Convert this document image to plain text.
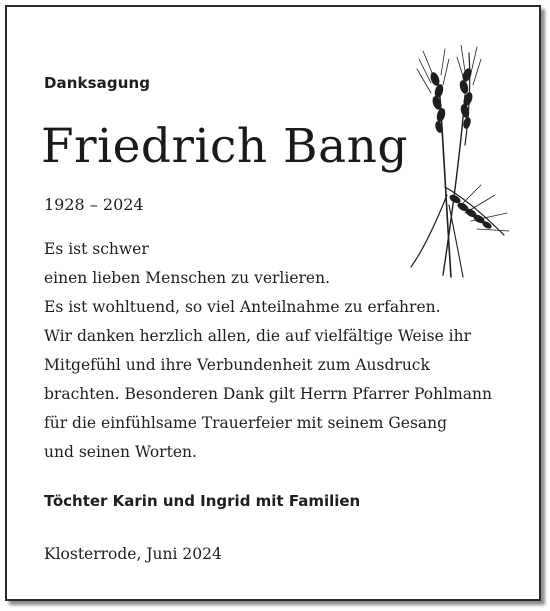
Danksagung
Friedrich Bang
1928 – 2024
Es ist schwer
einen lieben Menschen zu verlieren.
Es ist wohltuend, so viel Anteilnahme zu erfahren.
Wir danken herzlich allen, die auf vielfältige Weise ihr
Mitgefühl und ihre Verbundenheit zum Ausdruck
brachten. Besonderen Dank gilt Herrn Pfarrer Pohlmann
für die einfühlsame Trauerfeier mit seinem Gesang
und seinen Worten.
Töchter Karin und Ingrid mit Familien
Klosterrode, Juni 2024
